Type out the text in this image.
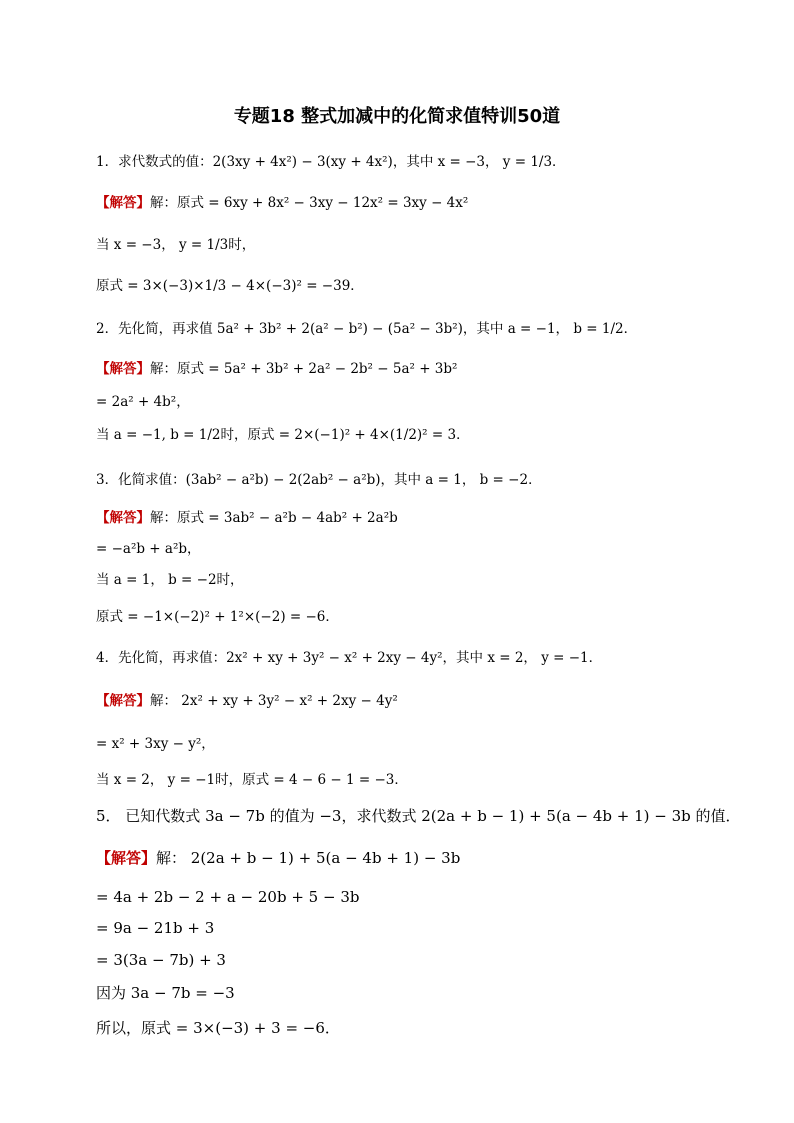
专题18 整式加减中的化简求值特训50道
1．求代数式的值：2(3xy + 4x²) − 3(xy + 4x²)，其中 x = −3， y = 1/3．
【解答】解：原式 = 6xy + 8x² − 3xy − 12x² = 3xy − 4x²
当 x = −3， y = 1/3时，
原式 = 3×(−3)×1/3 − 4×(−3)² = −39．
2．先化简，再求值 5a² + 3b² + 2(a² − b²) − (5a² − 3b²)，其中 a = −1， b = 1/2．
【解答】解：原式 = 5a² + 3b² + 2a² − 2b² − 5a² + 3b²
= 2a² + 4b²，
当 a = −1, b = 1/2时，原式 = 2×(−1)² + 4×(1/2)² = 3．
3．化简求值：(3ab² − a²b) − 2(2ab² − a²b)，其中 a = 1， b = −2．
【解答】解：原式 = 3ab² − a²b − 4ab² + 2a²b
= −a²b + a²b，
当 a = 1， b = −2时，
原式 = −1×(−2)² + 1²×(−2) = −6．
4．先化简，再求值：2x² + xy + 3y² − x² + 2xy − 4y²，其中 x = 2， y = −1．
【解答】解： 2x² + xy + 3y² − x² + 2xy − 4y²
= x² + 3xy − y²，
当 x = 2， y = −1时，原式 = 4 − 6 − 1 = −3．
5． 已知代数式 3a − 7b 的值为 −3，求代数式 2(2a + b − 1) + 5(a − 4b + 1) − 3b 的值．
【解答】解： 2(2a + b − 1) + 5(a − 4b + 1) − 3b
= 4a + 2b − 2 + a − 20b + 5 − 3b
= 9a − 21b + 3
= 3(3a − 7b) + 3
因为 3a − 7b = −3
所以，原式 = 3×(−3) + 3 = −6．
